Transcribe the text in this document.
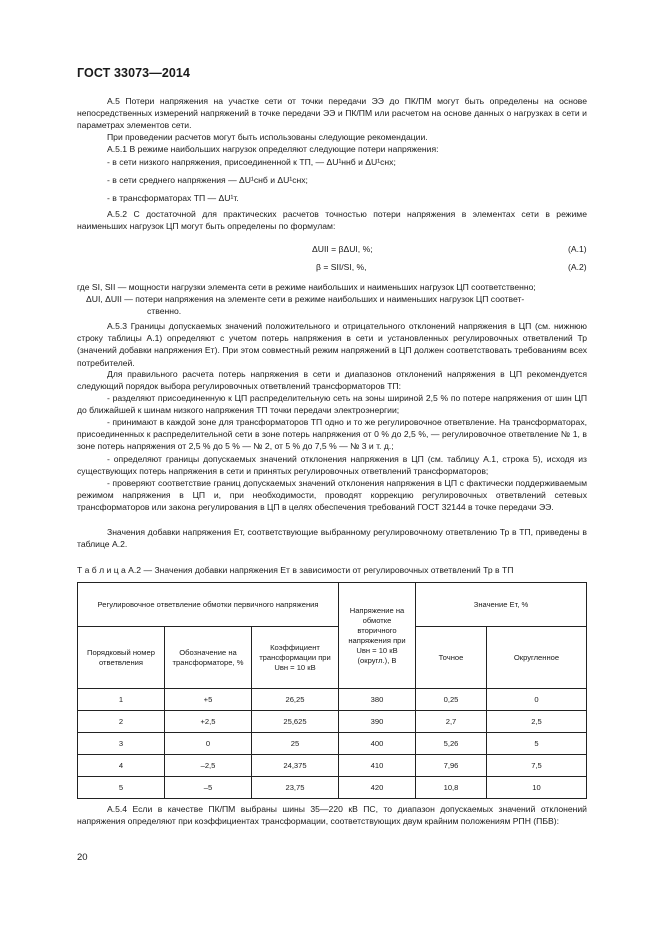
ГОСТ 33073—2014
А.5 Потери напряжения на участке сети от точки передачи ЭЭ до ПК/ПМ могут быть определены на основе непосредственных измерений напряжений в точке передачи ЭЭ и ПК/ПМ или расчетом на основе данных о нагрузках в сети и параметрах элементов сети.
При проведении расчетов могут быть использованы следующие рекомендации.
А.5.1 В режиме наибольших нагрузок определяют следующие потери напряжения:
- в сети низкого напряжения, присоединенной к ТП, — ΔU¹ннб и ΔU¹снх;
- в сети среднего напряжения — ΔU¹снб и ΔU¹снх;
- в трансформаторах ТП — ΔU¹т.
А.5.2 С достаточной для практических расчетов точностью потери напряжения в элементах сети в режиме наименьших нагрузок ЦП могут быть определены по формулам:
ΔUII = βΔUI, %;	(А.1)
β = SII/SI, %,	(А.2)
где SI, SII — мощности нагрузки элемента сети в режиме наибольших и наименьших нагрузок ЦП соответственно;
ΔUI, ΔUII — потери напряжения на элементе сети в режиме наибольших и наименьших нагрузок ЦП соответ-
ственно.
А.5.3 Границы допускаемых значений положительного и отрицательного отклонений напряжения в ЦП (см. нижнюю строку таблицы А.1) определяют с учетом потерь напряжения в сети и установленных регулировочных ответвлений Тр (значений добавки напряжения Eт). При этом совместный режим напряжений в ЦП должен соответствовать требованиям всех потребителей.
Для правильного расчета потерь напряжения в сети и диапазонов отклонений напряжения в ЦП рекомендуется следующий порядок выбора регулировочных ответвлений трансформаторов ТП:
- разделяют присоединенную к ЦП распределительную сеть на зоны шириной 2,5 % по потере напряжения от шин ЦП до ближайшей к шинам низкого напряжения ТП точки передачи электроэнергии;
- принимают в каждой зоне для трансформаторов ТП одно и то же регулировочное ответвление. На трансформаторах, присоединенных к распределительной сети в зоне потерь напряжения от 0 % до 2,5 %, — регулировочное ответвление № 1, в зоне потерь напряжения от 2,5 % до 5 % — № 2, от 5 % до 7,5 % — № 3 и т. д.;
- определяют границы допускаемых значений отклонения напряжения в ЦП (см. таблицу А.1, строка 5), исходя из существующих потерь напряжения в сети и принятых регулировочных ответвлений трансформаторов;
- проверяют соответствие границ допускаемых значений отклонения напряжения в ЦП с фактически поддерживаемым режимом напряжения в ЦП и, при необходимости, проводят коррекцию регулировочных ответвлений сетевых трансформаторов или закона регулирования в ЦП в целях обеспечения требований ГОСТ 32144 в точке передачи ЭЭ.
Значения добавки напряжения Eт, соответствующие выбранному регулировочному ответвлению Тр в ТП, приведены в таблице А.2.
Т а б л и ц а А.2 — Значения добавки напряжения Eт в зависимости от регулировочных ответвлений Тр в ТП
Регулировочное ответвление обмотки первичного напряжения			Напряжение на обмотке вторичного напряжения при Uвн = 10 кВ (округл.), В	Значение Eт, %	
Порядковый номер ответвления	Обозначение на трансформаторе, %	Коэффициент трансформации при Uвн = 10 кВ		Точное	Округленное
1	+5	26,25	380	0,25	0
2	+2,5	25,625	390	2,7	2,5
3	0	25	400	5,26	5
4	–2,5	24,375	410	7,96	7,5
5	–5	23,75	420	10,8	10
А.5.4 Если в качестве ПК/ПМ выбраны шины 35—220 кВ ПС, то диапазон допускаемых значений отклонений напряжения определяют при коэффициентах трансформации, соответствующих двум крайним положениям РПН (ПБВ):
20
